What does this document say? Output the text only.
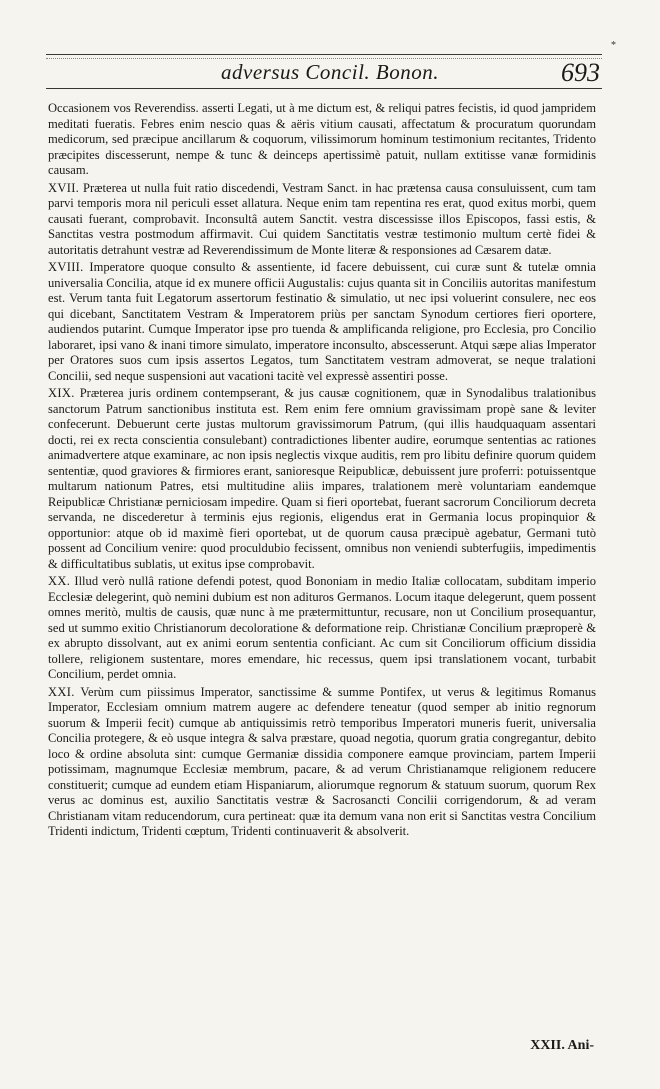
*
adversus Concil. Bonon.	693

Occasionem vos Reverendiss. asserti Legati, ut à me dictum est, & reliqui patres fecistis, id quod jampridem meditati fueratis. Febres enim nescio quas & aëris vitium causati, affectatum & procuratum quorundam medicorum, sed præcipue ancillarum & coquorum, vilissimorum hominum testimonium recitantes, Tridento præcipites discesserunt, nempe & tunc & deinceps apertissimè patuit, nullam extitisse vanæ formidinis causam.

XVII. Præterea ut nulla fuit ratio discedendi, Vestram Sanct. in hac prætensa causa consuluissent, cum tam parvi temporis mora nil periculi esset allatura. Neque enim tam repentina res erat, quod exitus morbi, quem causati fuerant, comprobavit. Inconsultâ autem Sanctit. vestra discessisse illos Episcopos, fassi estis, & Sanctitas vestra postmodum affirmavit. Cui quidem Sanctitatis vestræ testimonio multum certè fidei & autoritatis detrahunt vestræ ad Reverendissimum de Monte literæ & responsiones ad Cæsarem datæ.

XVIII. Imperatore quoque consulto & assentiente, id facere debuissent, cui curæ sunt & tutelæ omnia universalia Concilia, atque id ex munere officii Augustalis: cujus quanta sit in Conciliis autoritas manifestum est. Verum tanta fuit Legatorum assertorum festinatio & simulatio, ut nec ipsi voluerint consulere, nec eos qui dicebant, Sanctitatem Vestram & Imperatorem priùs per sanctam Synodum certiores fieri oportere, audiendos putarint. Cumque Imperator ipse pro tuenda & amplificanda religione, pro Ecclesia, pro Concilio laboraret, ipsi vano & inani timore simulato, imperatore inconsulto, abscesserunt. Atqui sæpe alias Imperator per Oratores suos cum ipsis assertos Legatos, tum Sanctitatem vestram admoverat, se neque tralationi Concilii, sed neque suspensioni aut vacationi tacitè vel expressè assentiri posse.

XIX. Præterea juris ordinem contempserant, & jus causæ cognitionem, quæ in Synodalibus tralationibus sanctorum Patrum sanctionibus instituta est. Rem enim fere omnium gravissimam propè sane & leviter confecerunt. Debuerunt certe justas multorum gravissimorum Patrum, (qui illis haudquaquam assentari docti, rei ex recta conscientia consulebant) contradictiones libenter audire, eorumque sententias ac rationes animadvertere atque examinare, ac non ipsis neglectis vixque auditis, rem pro libitu definire quorum quidem sententiæ, quod graviores & firmiores erant, sanioresque Reipublicæ, debuissent jure proferri: potuissentque multarum nationum Patres, etsi multitudine aliis impares, tralationem merè voluntariam eandemque Reipublicæ Christianæ perniciosam impedire. Quam si fieri oportebat, fuerant sacrorum Conciliorum decreta servanda, ne discederetur à terminis ejus regionis, eligendus erat in Germania locus propinquior & opportunior: atque ob id maximè fieri oportebat, ut de quorum causa præcipuè agebatur, Germani tutò possent ad Concilium venire: quod proculdubio fecissent, omnibus non veniendi subterfugiis, impedimentis & difficultatibus sublatis, ut exitus ipse comprobavit.

XX. Illud verò nullâ ratione defendi potest, quod Bononiam in medio Italiæ collocatam, subditam imperio Ecclesiæ delegerint, quò nemini dubium est non adituros Germanos. Locum itaque delegerunt, quem possent omnes meritò, multis de causis, quæ nunc à me prætermittuntur, recusare, non ut Concilium prosequantur, sed ut summo exitio Christianorum decoloratione & deformatione reip. Christianæ Concilium præproperè & ex abrupto dissolvant, aut ex animi eorum sententia conficiant. Ac cum sit Conciliorum officium dissidia tollere, religionem sustentare, mores emendare, hic recessus, quem ipsi translationem vocant, turbabit Concilium, perdet omnia.

XXI. Verùm cum piissimus Imperator, sanctissime & summe Pontifex, ut verus & legitimus Romanus Imperator, Ecclesiam omnium matrem augere ac defendere teneatur (quod semper ab initio regnorum suorum & Imperii fecit) cumque ab antiquissimis retrò temporibus Imperatori muneris fuerit, universalia Concilia protegere, & eò usque integra & salva præstare, quoad negotia, quorum gratia congregantur, debito loco & ordine absoluta sint: cumque Germaniæ dissidia componere eamque provinciam, partem Imperii potissimam, magnumque Ecclesiæ membrum, pacare, & ad verum Christianamque religionem reducere constituerit; cumque ad eundem etiam Hispaniarum, aliorumque regnorum & statuum suorum, quorum Rex verus ac dominus est, auxilio Sanctitatis vestræ & Sacrosancti Concilii corrigendorum, & ad veram Christianam vitam reducendorum, cura pertineat: quæ ita demum vana non erit si Sanctitas vestra Concilium Tridenti indictum, Tridenti cœptum, Tridenti continuaverit & absolverit.

XXII. Ani-
